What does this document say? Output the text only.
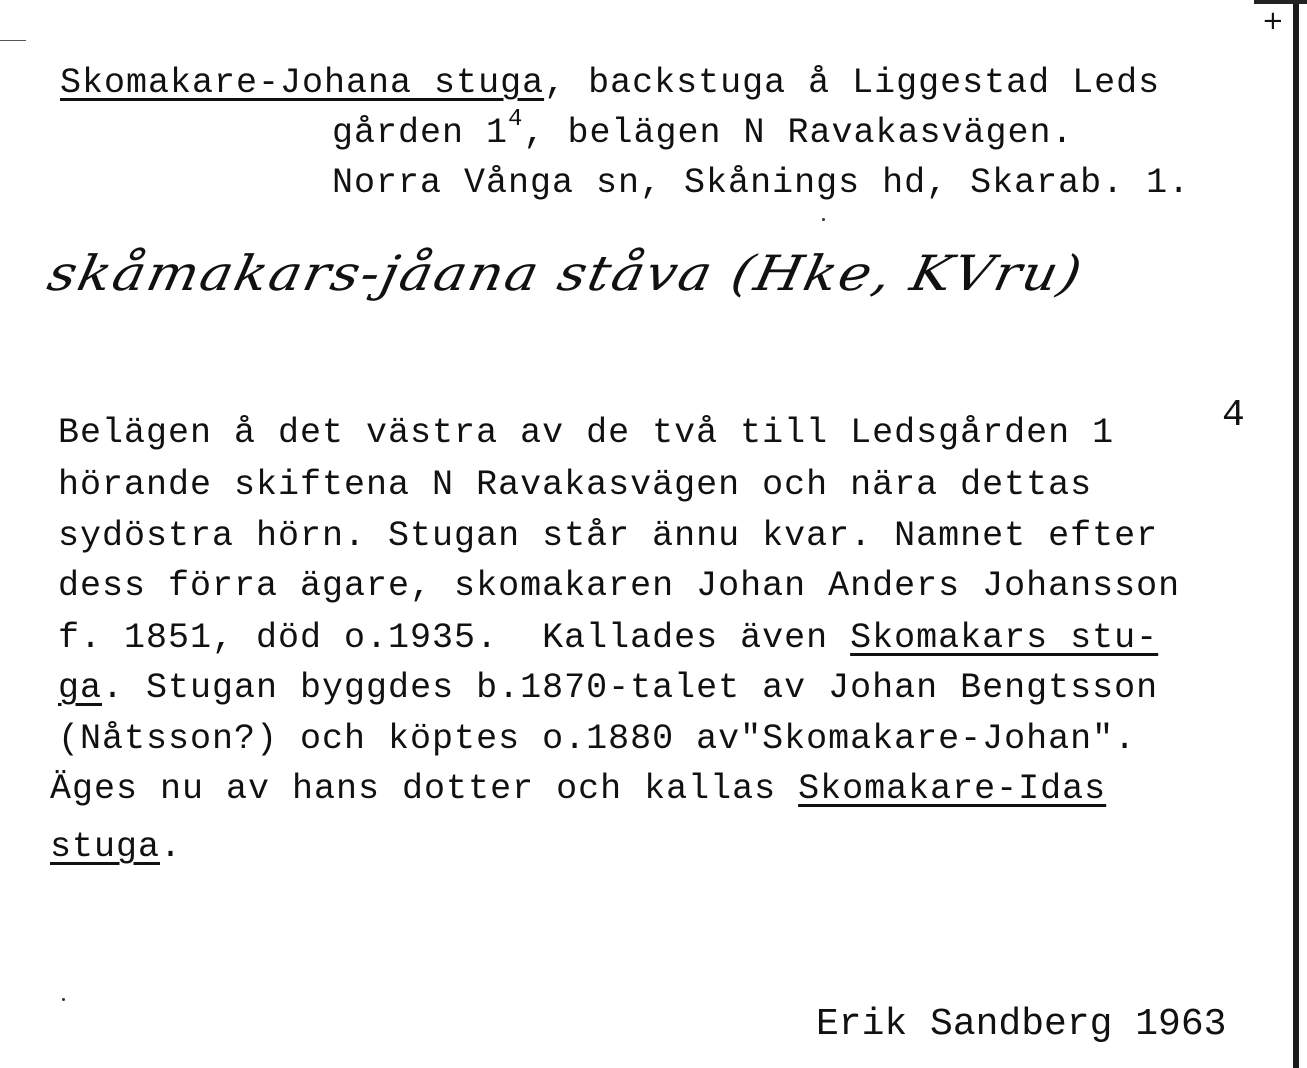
+
Skomakare-Johana stuga, backstuga å Liggestad Leds
gården $1^4$, belägen N Ravakasvägen.
Norra Vånga sn, Skånings hd, Skarab. 1.
skåmakars-jåana ståva (Hke, KVru)
Belägen å det västra av de två till Ledsgården 1	4
hörande skiftena N Ravakasvägen och nära dettas
sydöstra hörn. Stugan står ännu kvar. Namnet efter
dess förra ägare, skomakaren Johan Anders Johansson
f. 1851, död o.1935.  Kallades även Skomakars stu-
ga. Stugan byggdes b.1870-talet av Johan Bengtsson
(Nåtsson?) och köptes o.1880 av"Skomakare-Johan".
Äges nu av hans dotter och kallas Skomakare-Idas
stuga.
Erik Sandberg 1963
